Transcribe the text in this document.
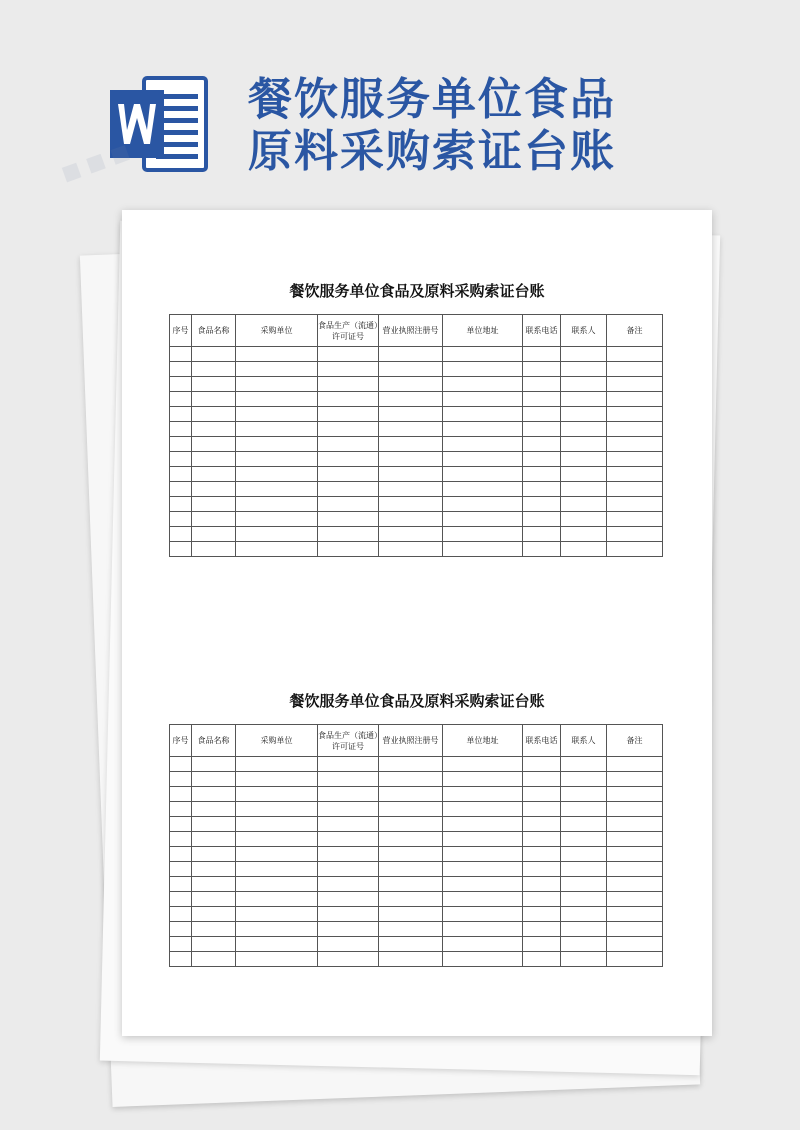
餐饮服务单位食品
原料采购索证台账
餐饮服务单位食品及原料采购索证台账
序号	食品名称	采购单位	食品生产（流通）许可证号	营业执照注册号	单位地址	联系电话	联系人	备注

餐饮服务单位食品及原料采购索证台账
序号	食品名称	采购单位	食品生产（流通）许可证号	营业执照注册号	单位地址	联系电话	联系人	备注

■ ■ ■
